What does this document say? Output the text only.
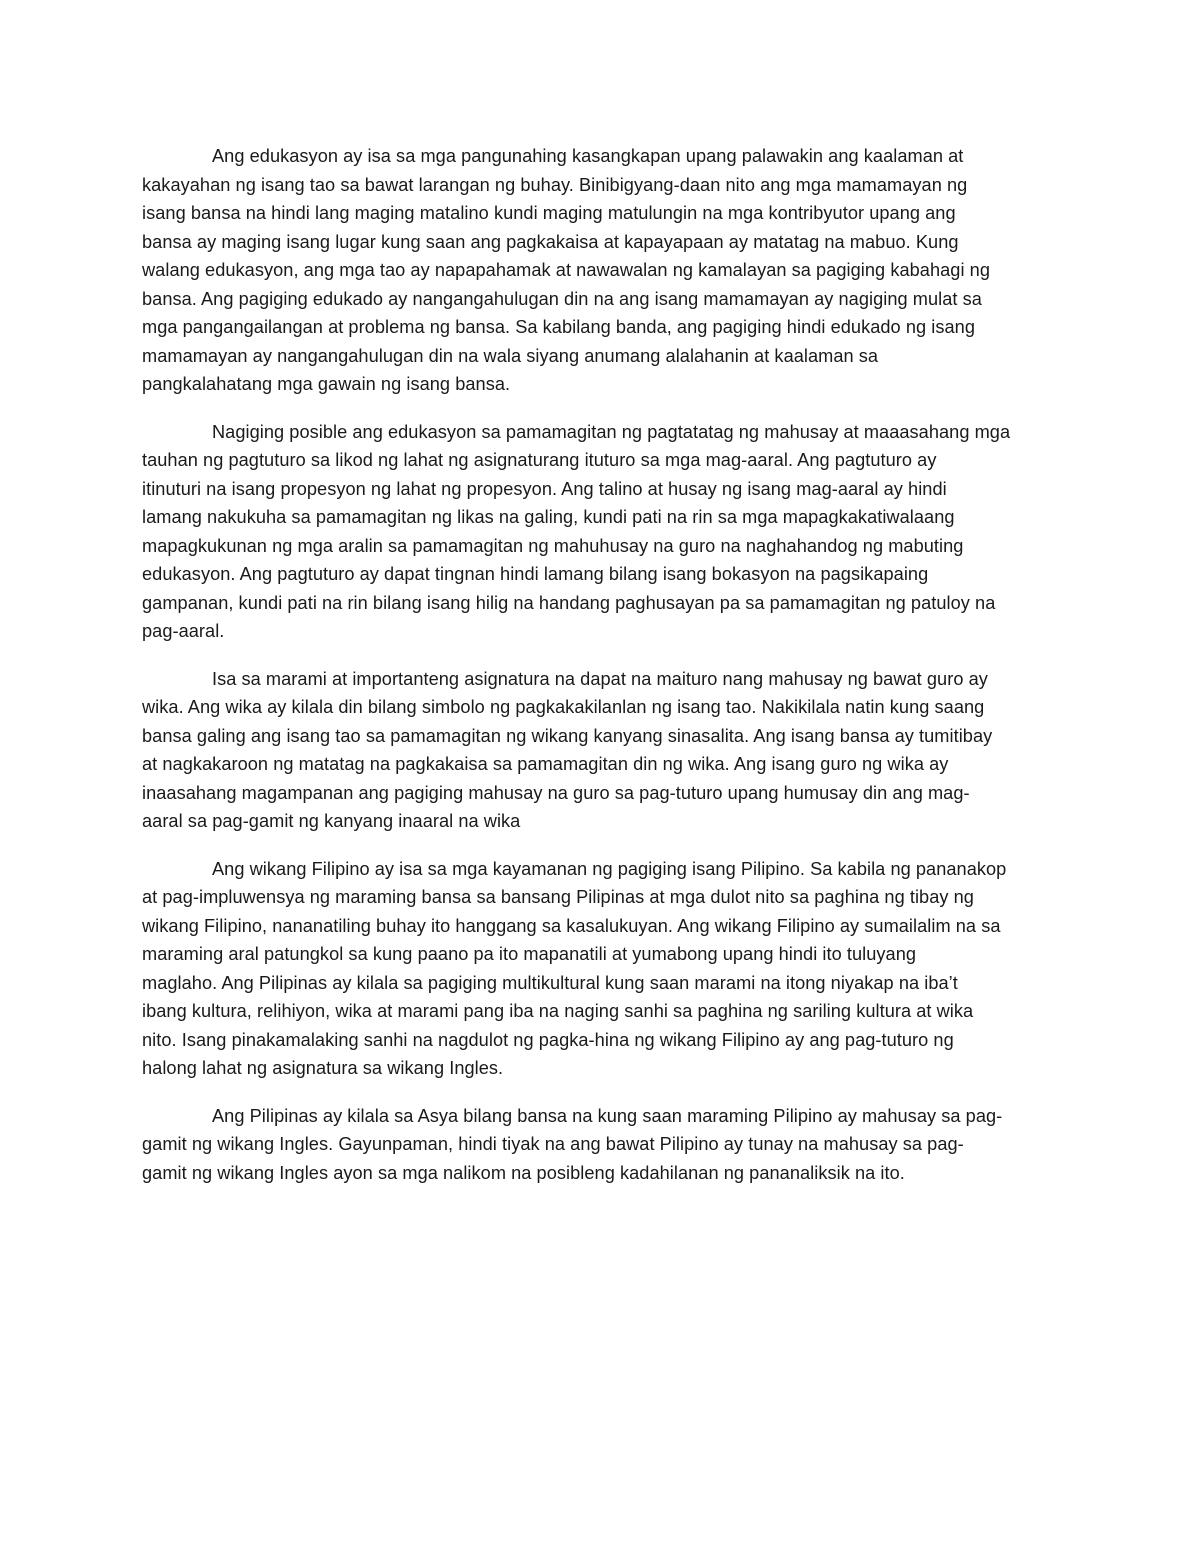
Ang edukasyon ay isa sa mga pangunahing kasangkapan upang palawakin ang kaalaman at
kakayahan ng isang tao sa bawat larangan ng buhay. Binibigyang-daan nito ang mga mamamayan ng
isang bansa na hindi lang maging matalino kundi maging matulungin na mga kontribyutor upang ang
bansa ay maging isang lugar kung saan ang pagkakaisa at kapayapaan ay matatag na mabuo. Kung
walang edukasyon, ang mga tao ay napapahamak at nawawalan ng kamalayan sa pagiging kabahagi ng
bansa. Ang pagiging edukado ay nangangahulugan din na ang isang mamamayan ay nagiging mulat sa
mga pangangailangan at problema ng bansa. Sa kabilang banda, ang pagiging hindi edukado ng isang
mamamayan ay nangangahulugan din na wala siyang anumang alalahanin at kaalaman sa
pangkalahatang mga gawain ng isang bansa.

Nagiging posible ang edukasyon sa pamamagitan ng pagtatatag ng mahusay at maaasahang mga
tauhan ng pagtuturo sa likod ng lahat ng asignaturang ituturo sa mga mag-aaral. Ang pagtuturo ay
itinuturi na isang propesyon ng lahat ng propesyon. Ang talino at husay ng isang mag-aaral ay hindi
lamang nakukuha sa pamamagitan ng likas na galing, kundi pati na rin sa mga mapagkakatiwalaang
mapagkukunan ng mga aralin sa pamamagitan ng mahuhusay na guro na naghahandog ng mabuting
edukasyon. Ang pagtuturo ay dapat tingnan hindi lamang bilang isang bokasyon na pagsikapaing
gampanan, kundi pati na rin bilang isang hilig na handang paghusayan pa sa pamamagitan ng patuloy na
pag-aaral.

Isa sa marami at importanteng asignatura na dapat na maituro nang mahusay ng bawat guro ay
wika. Ang wika ay kilala din bilang simbolo ng pagkakakilanlan ng isang tao. Nakikilala natin kung saang
bansa galing ang isang tao sa pamamagitan ng wikang kanyang sinasalita. Ang isang bansa ay tumitibay
at nagkakaroon ng matatag na pagkakaisa sa pamamagitan din ng wika. Ang isang guro ng wika ay
inaasahang magampanan ang pagiging mahusay na guro sa pag-tuturo upang humusay din ang mag-
aaral sa pag-gamit ng kanyang inaaral na wika

Ang wikang Filipino ay isa sa mga kayamanan ng pagiging isang Pilipino. Sa kabila ng pananakop
at pag-impluwensya ng maraming bansa sa bansang Pilipinas at mga dulot nito sa paghina ng tibay ng
wikang Filipino, nananatiling buhay ito hanggang sa kasalukuyan. Ang wikang Filipino ay sumailalim na sa
maraming aral patungkol sa kung paano pa ito mapanatili at yumabong upang hindi ito tuluyang
maglaho. Ang Pilipinas ay kilala sa pagiging multikultural kung saan marami na itong niyakap na iba’t
ibang kultura, relihiyon, wika at marami pang iba na naging sanhi sa paghina ng sariling kultura at wika
nito. Isang pinakamalaking sanhi na nagdulot ng pagka-hina ng wikang Filipino ay ang pag-tuturo ng
halong lahat ng asignatura sa wikang Ingles.

Ang Pilipinas ay kilala sa Asya bilang bansa na kung saan maraming Pilipino ay mahusay sa pag-
gamit ng wikang Ingles. Gayunpaman, hindi tiyak na ang bawat Pilipino ay tunay na mahusay sa pag-
gamit ng wikang Ingles ayon sa mga nalikom na posibleng kadahilanan ng pananaliksik na ito.
